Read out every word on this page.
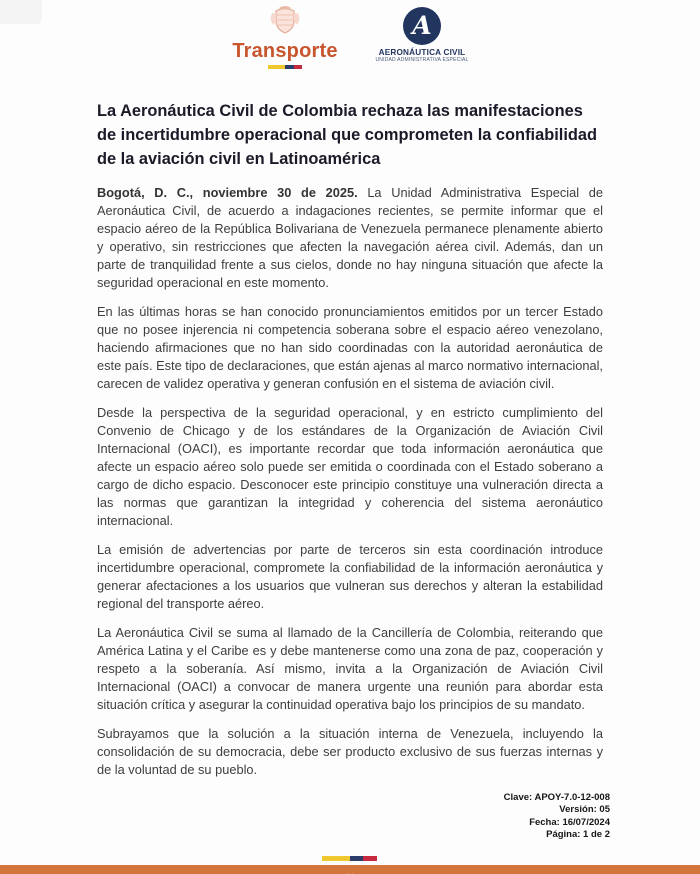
Transporte
A
AERONÁUTICA CIVIL
UNIDAD ADMINISTRATIVA ESPECIAL
La Aeronáutica Civil de Colombia rechaza las manifestaciones de incertidumbre operacional que comprometen la confiabilidad de la aviación civil en Latinoamérica

Bogotá, D. C., noviembre 30 de 2025. La Unidad Administrativa Especial de Aeronáutica Civil, de acuerdo a indagaciones recientes, se permite informar que el espacio aéreo de la República Bolivariana de Venezuela permanece plenamente abierto y operativo, sin restricciones que afecten la navegación aérea civil. Además, dan un parte de tranquilidad frente a sus cielos, donde no hay ninguna situación que afecte la seguridad operacional en este momento.

En las últimas horas se han conocido pronunciamientos emitidos por un tercer Estado que no posee injerencia ni competencia soberana sobre el espacio aéreo venezolano, haciendo afirmaciones que no han sido coordinadas con la autoridad aeronáutica de este país. Este tipo de declaraciones, que están ajenas al marco normativo internacional, carecen de validez operativa y generan confusión en el sistema de aviación civil.

Desde la perspectiva de la seguridad operacional, y en estricto cumplimiento del Convenio de Chicago y de los estándares de la Organización de Aviación Civil Internacional (OACI), es importante recordar que toda información aeronáutica que afecte un espacio aéreo solo puede ser emitida o coordinada con el Estado soberano a cargo de dicho espacio. Desconocer este principio constituye una vulneración directa a las normas que garantizan la integridad y coherencia del sistema aeronáutico internacional.

La emisión de advertencias por parte de terceros sin esta coordinación introduce incertidumbre operacional, compromete la confiabilidad de la información aeronáutica y generar afectaciones a los usuarios que vulneran sus derechos y alteran la estabilidad regional del transporte aéreo.

La Aeronáutica Civil se suma al llamado de la Cancillería de Colombia, reiterando que América Latina y el Caribe es y debe mantenerse como una zona de paz, cooperación y respeto a la soberanía. Así mismo, invita a la Organización de Aviación Civil Internacional (OACI) a convocar de manera urgente una reunión para abordar esta situación crítica y asegurar la continuidad operativa bajo los principios de su mandato.

Subrayamos que la solución a la situación interna de Venezuela, incluyendo la consolidación de su democracia, debe ser producto exclusivo de sus fuerzas internas y de la voluntad de su pueblo.

Clave: APOY-7.0-12-008
Versión: 05
Fecha: 16/07/2024
Página: 1 de 2
. .
